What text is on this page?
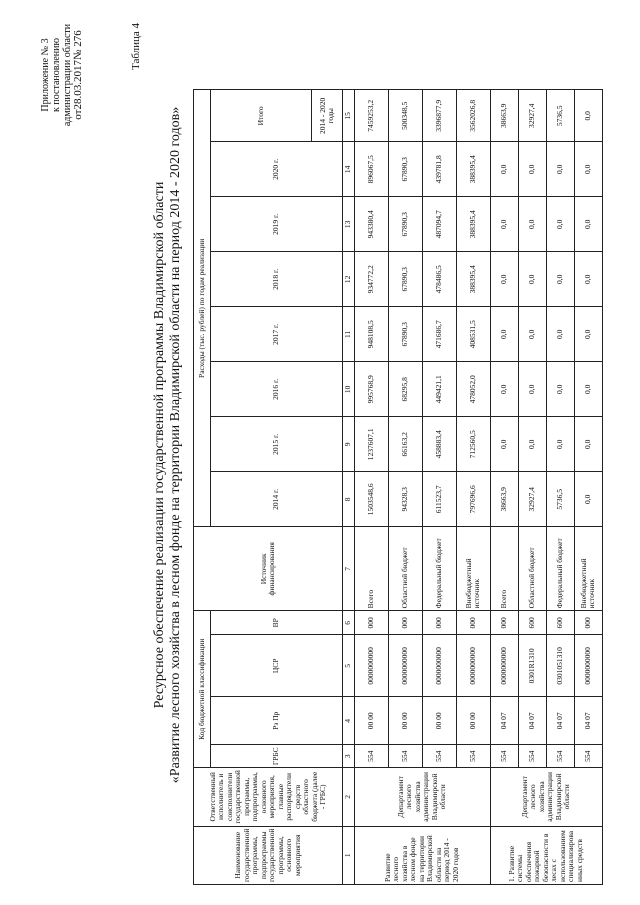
Приложение № 3 к постановлению администрации области от28.03.2017№ 276	Таблица 4
Ресурсное обеспечение реализации государственной программы Владимирской области «Развитие лесного хозяйства в лесном фонде на территории Владимирской области на период 2014 - 2020 годов»
Наименование государственной программы, подпрограммы государственной программы, основного мероприятия	Ответственный исполнитель и соисполнители государственной программы, подпрограммы, основного мероприятия, главные распорядители средств областного бюджета (далее - ГРБС)	Код бюджетной классификации				Источник финансирования	Расходы (тыс. рублей) по годам реализации							
		ГРБС	Рз Пр	ЦСР	ВР		2014 г.	2015 г.	2016 г.	2017 г.	2018 г.	2019 г.	2020 г.	Итого 2014 - 2020 годы

1	2	3	4	5	6	7	8	9	10	11	12	13	14	15
Развитие лесного хозяйства в лесном фонде на территории Владимирской области на период 2014 - 2020 годов	Департамент лесного хозяйства администрации Владимирской области	554	00 00	0000000000	000	Всего	1503548,6	1237607,1	995768,9	948108,5	934772,2	943380,4	896067,5	7459253,2
		554	00 00	0000000000	000	Областной бюджет	94328,3	66163,2	68295,8	67890,3	67890,3	67890,3	67890,3	500348,5
		554	00 00	0000000000	000	Федеральный бюджет	611523,7	458883,4	449421,1	471686,7	478486,5	487094,7	439781,8	3396877,9
		554	00 00	0000000000	000	Внебюджетный источник	797696,6	712560,5	478052,0	408531,5	388395,4	388395,4	388395,4	3562026,8
1. Развитие системы обеспечения пожарной безопасности в лесах с использованием специализирова нных средств	Департамент лесного хозяйства администрации Владимирской области	554	04 07	0000000000	000	Всего	38663,9	0,0	0,0	0,0	0,0	0,0	0,0	38663,9
		554	04 07	0301R1310	600	Областной бюджет	32927,4	0,0	0,0	0,0	0,0	0,0	0,0	32927,4
		554	04 07	0301051310	600	Федеральный бюджет	5736,5	0,0	0,0	0,0	0,0	0,0	0,0	5736,5
		554	04 07	0000000000	000	Внебюджетный источник	0,0	0,0	0,0	0,0	0,0	0,0	0,0	0,0
